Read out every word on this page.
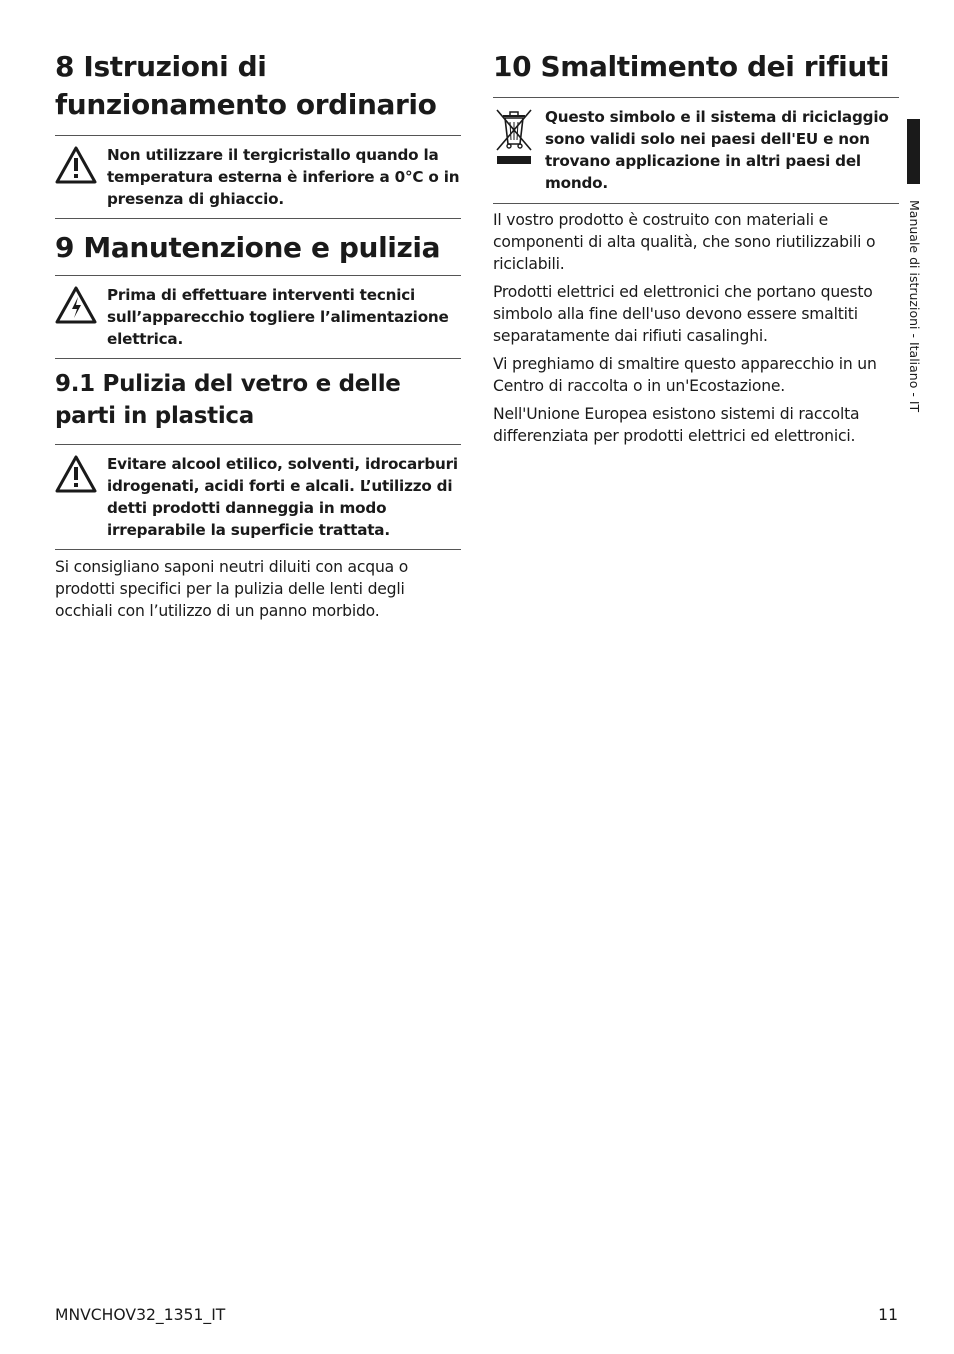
8 Istruzioni di
funzionamento ordinario
Non utilizzare il tergicristallo quando la temperatura esterna è inferiore a 0°C o in presenza di ghiaccio.
9 Manutenzione e pulizia
Prima di effettuare interventi tecnici sull’apparecchio togliere l’alimentazione elettrica.
9.1 Pulizia del vetro e delle parti in plastica
Evitare alcool etilico, solventi, idrocarburi idrogenati, acidi forti e alcali. L’utilizzo di detti prodotti danneggia in modo irreparabile la superficie trattata.

Si consigliano saponi neutri diluiti con acqua o prodotti specifici per la pulizia delle lenti degli occhiali con l’utilizzo di un panno morbido.

10 Smaltimento dei rifiuti
Questo simbolo e il sistema di riciclaggio sono validi solo nei paesi dell'EU e non trovano applicazione in altri paesi del mondo.

Il vostro prodotto è costruito con materiali e componenti di alta qualità, che sono riutilizzabili o riciclabili.

Prodotti elettrici ed elettronici che portano questo simbolo alla fine dell'uso devono essere smaltiti separatamente dai rifiuti casalinghi.

Vi preghiamo di smaltire questo apparecchio in un Centro di raccolta o in un'Ecostazione.

Nell'Unione Europea esistono sistemi di raccolta differenziata per prodotti elettrici ed elettronici.

Manuale di istruzioni - Italiano - IT
MNVCHOV32_1351_IT	11
